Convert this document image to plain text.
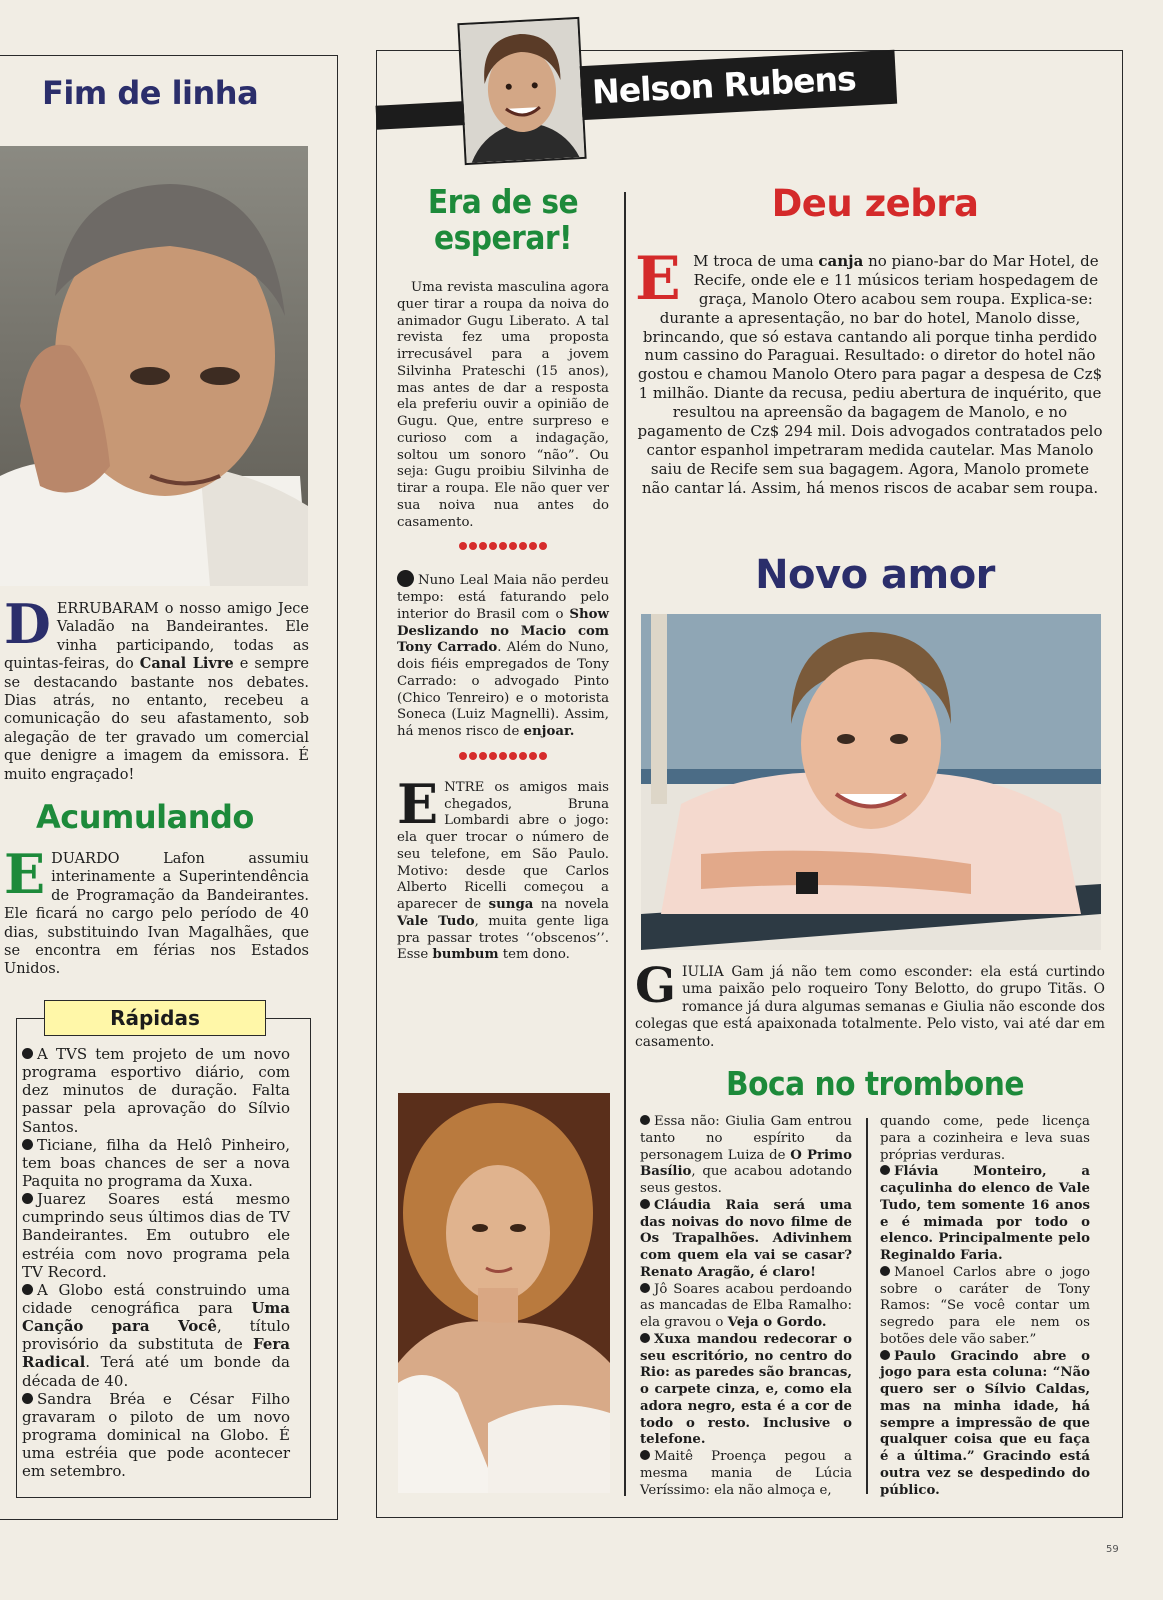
Fim de linha
DERRUBARAM o nosso amigo Jece Valadão na Bandeirantes. Ele vinha participando, todas as quintas-feiras, do Canal Livre e sempre se destacando bastante nos debates. Dias atrás, no entanto, recebeu a comunicação do seu afastamento, sob alegação de ter gravado um comercial que denigre a imagem da emissora. É muito engraçado!
Acumulando
EDUARDO Lafon assumiu interinamente a Superintendência de Programação da Bandeirantes. Ele ficará no cargo pelo período de 40 dias, substituindo Ivan Magalhães, que se encontra em férias nos Estados Unidos.
Rápidas

A TVS tem projeto de um novo programa esportivo diário, com dez minutos de duração. Falta passar pela aprovação do Sílvio Santos.

Ticiane, filha da Helô Pinheiro, tem boas chances de ser a nova Paquita no programa da Xuxa.

Juarez Soares está mesmo cumprindo seus últimos dias de TV Bandeirantes. Em outubro ele estréia com novo programa pela TV Record.

A Globo está construindo uma cidade cenográfica para Uma Canção para Você, título provisório da substituta de Fera Radical. Terá até um bonde da década de 40.

Sandra Bréa e César Filho gravaram o piloto de um novo programa dominical na Globo. É uma estréia que pode acontecer em setembro.

Nelson Rubens
Era de se
esperar!

Uma revista masculina agora quer tirar a roupa da noiva do animador Gugu Liberato. A tal revista fez uma proposta irrecusável para a jovem Silvinha Prateschi (15 anos), mas antes de dar a resposta ela preferiu ouvir a opinião de Gugu. Que, entre surpreso e curioso com a indagação, soltou um sonoro “não”. Ou seja: Gugu proibiu Silvinha de tirar a roupa. Ele não quer ver sua noiva nua antes do casamento.

Nuno Leal Maia não perdeu tempo: está faturando pelo interior do Brasil com o Show Deslizando no Macio com Tony Carrado. Além do Nuno, dois fiéis empregados de Tony Carrado: o advogado Pinto (Chico Tenreiro) e o motorista Soneca (Luiz Magnelli). Assim, há menos risco de enjoar.

ENTRE os amigos mais chegados, Bruna Lombardi abre o jogo: ela quer trocar o número de seu telefone, em São Paulo. Motivo: desde que Carlos Alberto Ricelli começou a aparecer de sunga na novela Vale Tudo, muita gente liga pra passar trotes ‘‘obscenos’’. Esse bumbum tem dono.

Deu zebra
E M troca de uma canja no piano-bar do Mar Hotel, de Recife, onde ele e 11 músicos teriam hospedagem de graça, Manolo Otero acabou sem roupa. Explica-se: durante a apresentação, no bar do hotel, Manolo disse, brincando, que só estava cantando ali porque tinha perdido num cassino do Paraguai. Resultado: o diretor do hotel não gostou e chamou Manolo Otero para pagar a despesa de Cz$ 1 milhão. Diante da recusa, pediu abertura de inquérito, que resultou na apreensão da bagagem de Manolo, e no pagamento de Cz$ 294 mil. Dois advogados contratados pelo cantor espanhol impetraram medida cautelar. Mas Manolo saiu de Recife sem sua bagagem. Agora, Manolo promete não cantar lá. Assim, há menos riscos de acabar sem roupa.
Novo amor
GIULIA Gam já não tem como esconder: ela está curtindo uma paixão pelo roqueiro Tony Belotto, do grupo Titãs. O romance já dura algumas semanas e Giulia não esconde dos colegas que está apaixonada totalmente. Pelo visto, vai até dar em casamento.
Boca no trombone

Essa não: Giulia Gam entrou tanto no espírito da personagem Luiza de O Primo Basílio, que acabou adotando seus gestos.

Cláudia Raia será uma das noivas do novo filme de Os Trapalhões. Adivinhem com quem ela vai se casar? Renato Aragão, é claro!

Jô Soares acabou perdoando as mancadas de Elba Ramalho: ela gravou o Veja o Gordo.

Xuxa mandou redecorar o seu escritório, no centro do Rio: as paredes são brancas, o carpete cinza, e, como ela adora negro, esta é a cor de todo o resto. Inclusive o telefone.

Maitê Proença pegou a mesma mania de Lúcia Veríssimo: ela não almoça e,

quando come, pede licença para a cozinheira e leva suas próprias verduras.

Flávia Monteiro, a caçulinha do elenco de Vale Tudo, tem somente 16 anos e é mimada por todo o elenco. Principalmente pelo Reginaldo Faria.

Manoel Carlos abre o jogo sobre o caráter de Tony Ramos: “Se você contar um segredo para ele nem os botões dele vão saber.”

Paulo Gracindo abre o jogo para esta coluna: “Não quero ser o Sílvio Caldas, mas na minha idade, há sempre a impressão de que qualquer coisa que eu faça é a última.” Gracindo está outra vez se despedindo do público.

59
